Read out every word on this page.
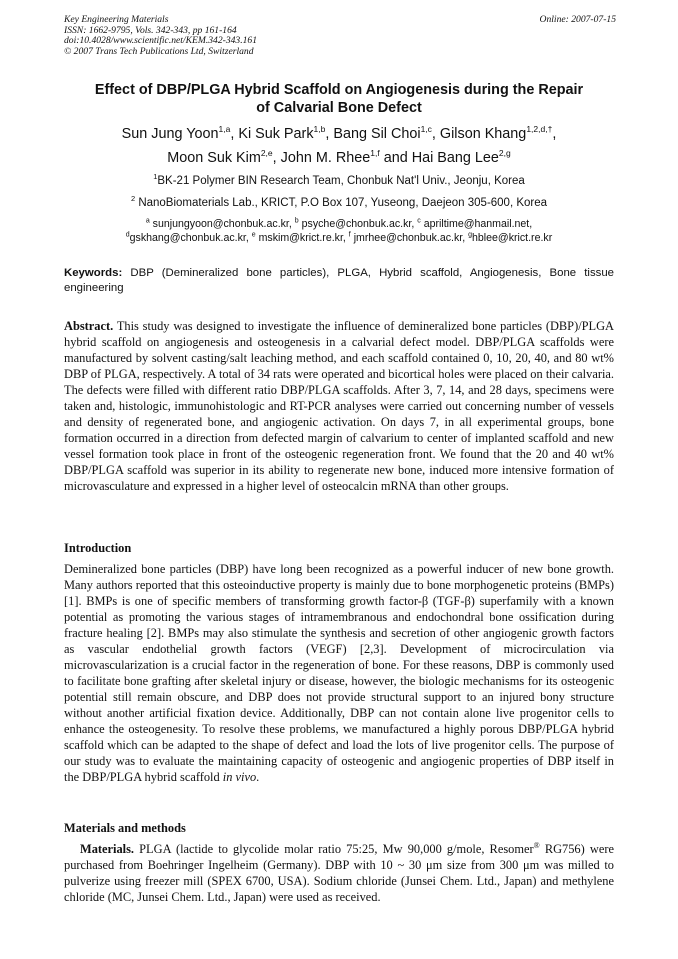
Key Engineering Materials
ISSN: 1662-9795, Vols. 342-343, pp 161-164
doi:10.4028/www.scientific.net/KEM.342-343.161
© 2007 Trans Tech Publications Ltd, Switzerland
Online: 2007-07-15
Effect of DBP/PLGA Hybrid Scaffold on Angiogenesis during the Repair
of Calvarial Bone Defect
Sun Jung Yoon$^{1,a}$, Ki Suk Park$^{1,b}$, Bang Sil Choi$^{1,c}$, Gilson Khang$^{1,2,d,\dagger}$,
Moon Suk Kim$^{2,e}$, John M. Rhee$^{1,f}$ and Hai Bang Lee$^{2,g}$
$^1$BK-21 Polymer BIN Research Team, Chonbuk Nat'l Univ., Jeonju, Korea
$^2$ NanoBiomaterials Lab., KRICT, P.O Box 107, Yuseong, Daejeon 305-600, Korea
$^a$ sunjungyoon@chonbuk.ac.kr, $^b$ psyche@chonbuk.ac.kr, $^c$ apriltime@hanmail.net,
$^d$gskhang@chonbuk.ac.kr, $^e$ mskim@krict.re.kr, $^f$ jmrhee@chonbuk.ac.kr, $^g$hblee@krict.re.kr
Keywords: DBP (Demineralized bone particles), PLGA, Hybrid scaffold, Angiogenesis, Bone tissue engineering
Abstract. This study was designed to investigate the influence of demineralized bone particles (DBP)/PLGA hybrid scaffold on angiogenesis and osteogenesis in a calvarial defect model. DBP/PLGA scaffolds were manufactured by solvent casting/salt leaching method, and each scaffold contained 0, 10, 20, 40, and 80 wt% DBP of PLGA, respectively. A total of 34 rats were operated and bicortical holes were placed on their calvaria. The defects were filled with different ratio DBP/PLGA scaffolds. After 3, 7, 14, and 28 days, specimens were taken and, histologic, immunohistologic and RT-PCR analyses were carried out concerning number of vessels and density of regenerated bone, and angiogenic activation. On days 7, in all experimental groups, bone formation occurred in a direction from defected margin of calvarium to center of implanted scaffold and new vessel formation took place in front of the osteogenic regeneration front. We found that the 20 and 40 wt% DBP/PLGA scaffold was superior in its ability to regenerate new bone, induced more intensive formation of microvasculature and expressed in a higher level of osteocalcin mRNA than other groups.
Introduction
Demineralized bone particles (DBP) have long been recognized as a powerful inducer of new bone growth. Many authors reported that this osteoinductive property is mainly due to bone morphogenetic proteins (BMPs) [1]. BMPs is one of specific members of transforming growth factor-β (TGF-β) superfamily with a known potential as promoting the various stages of intramembranous and endochondral bone ossification during fracture healing [2]. BMPs may also stimulate the synthesis and secretion of other angiogenic growth factors as vascular endothelial growth factors (VEGF) [2,3]. Development of microcirculation via microvascularization is a crucial factor in the regeneration of bone. For these reasons, DBP is commonly used to facilitate bone grafting after skeletal injury or disease, however, the biologic mechanisms for its osteogenic potential still remain obscure, and DBP does not provide structural support to an injured bony structure without another artificial fixation device. Additionally, DBP can not contain alone live progenitor cells to enhance the osteogenesity. To resolve these problems, we manufactured a highly porous DBP/PLGA hybrid scaffold which can be adapted to the shape of defect and load the lots of live progenitor cells. The purpose of our study was to evaluate the maintaining capacity of osteogenic and angiogenic properties of DBP itself in the DBP/PLGA hybrid scaffold in vivo.
Materials and methods
Materials. PLGA (lactide to glycolide molar ratio 75:25, Mw 90,000 g/mole, Resomer® RG756) were purchased from Boehringer Ingelheim (Germany). DBP with 10 ~ 30 μm size from 300 μm was milled to pulverize using freezer mill (SPEX 6700, USA). Sodium chloride (Junsei Chem. Ltd., Japan) and methylene chloride (MC, Junsei Chem. Ltd., Japan) were used as received.
